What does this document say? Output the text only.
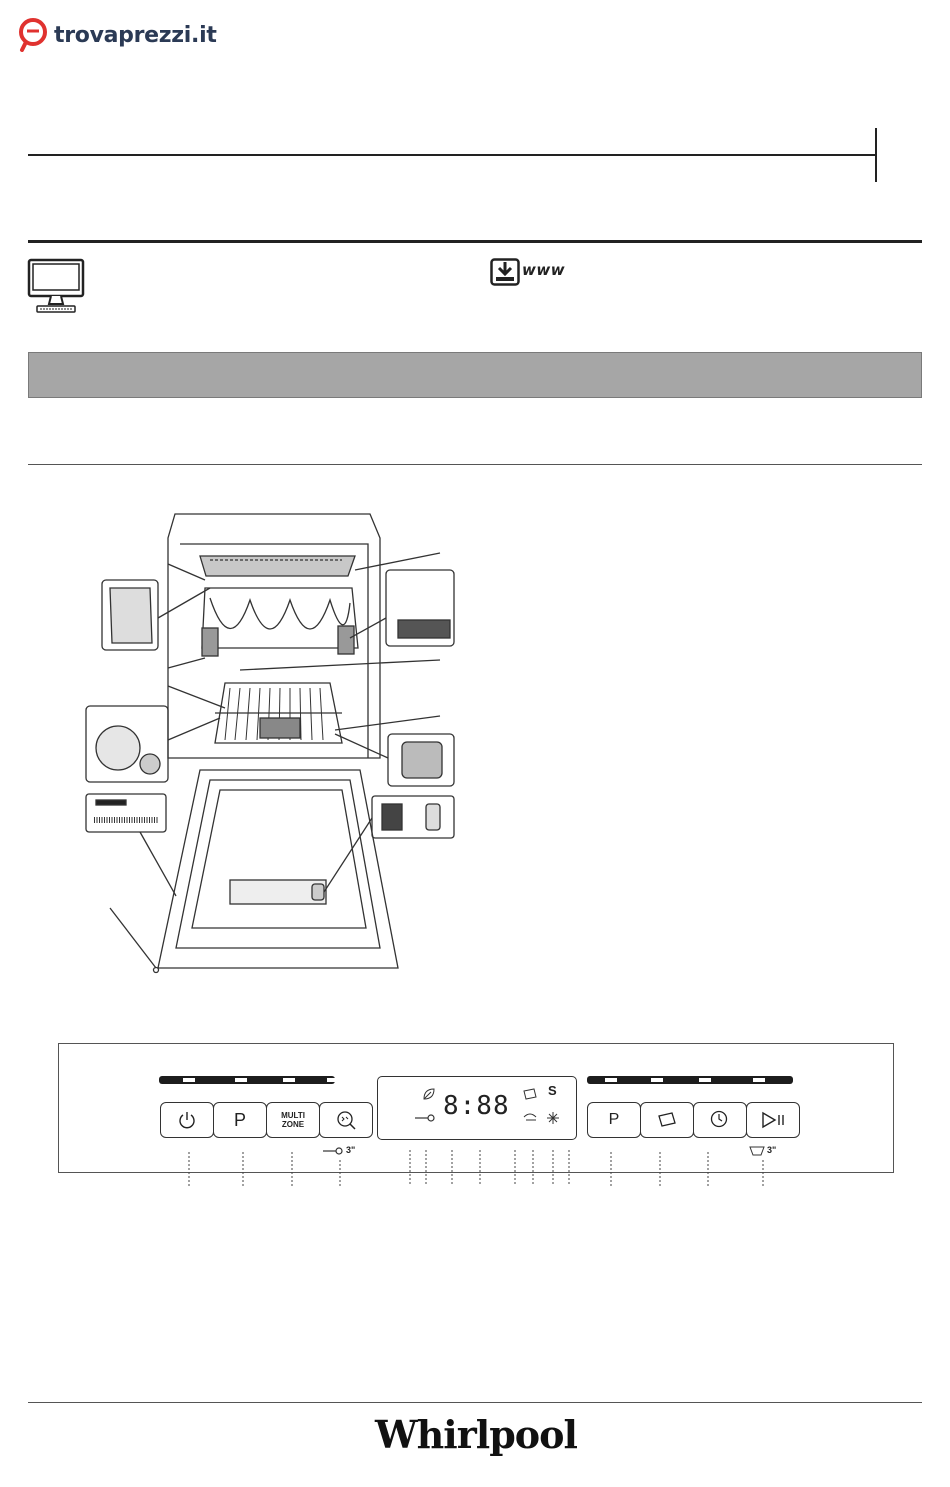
trovaprezzi.it
www
P	MULTI
ZONE
8:88
S
P
3"	3"
Whirlpool
